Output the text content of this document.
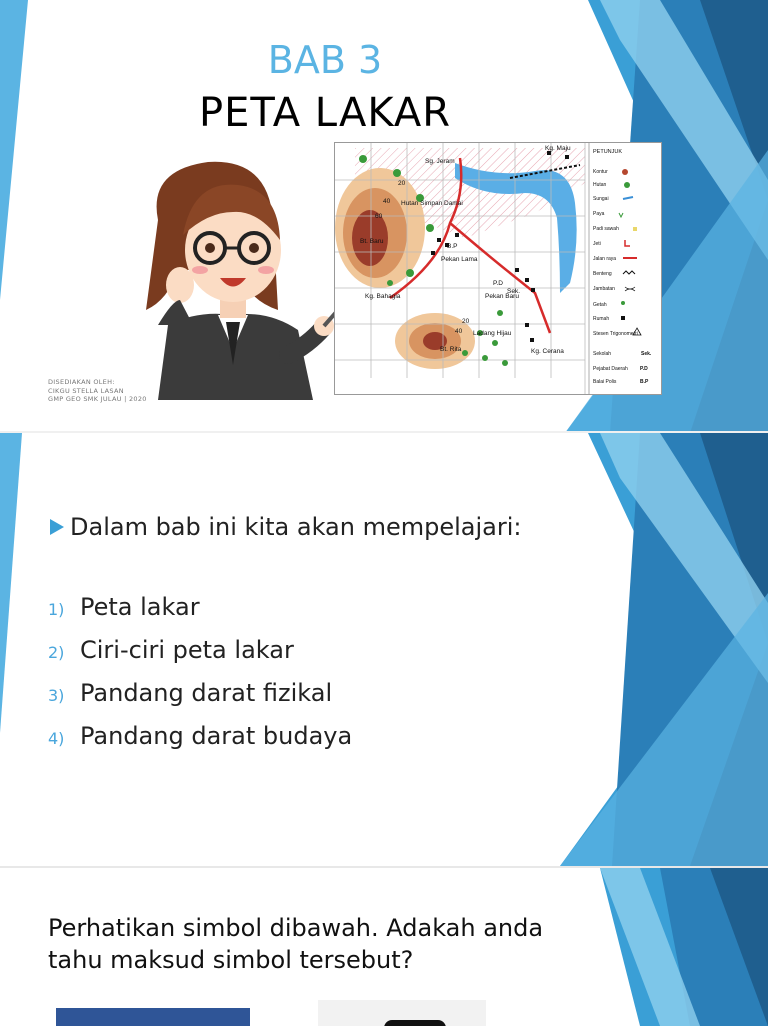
BAB 3
PETA LAKAR
DISEDIAKAN OLEH:
CIKGU STELLA LASAN
GMP GEO SMK JULAU | 2020
Sg. Jeram
Kg. Maju
Hutan Simpan Damai
Bt. Baru
B.P
Pekan Lama
P.D
Sek.
Pekan Baru
Kg. Bahagia
Ladang Hijau
Bt. Rita	Kg. Cerana
20
40
60
40
20
PETUNJUK
Kontur
Hutan
Sungai
Paya
Padi sawah
Jeti
Jalan raya
Benteng
Jambatan
Getah
Rumah
Stesen Trigonometri
Sekolah
Pejabat Daerah
Balai Polis
Sek.
P.D
B.P
Dalam bab ini kita akan mempelajari:
1) Peta lakar
2) Ciri-ciri peta lakar
3) Pandang darat fizikal
4) Pandang darat budaya
Perhatikan simbol dibawah. Adakah anda tahu maksud simbol tersebut?
